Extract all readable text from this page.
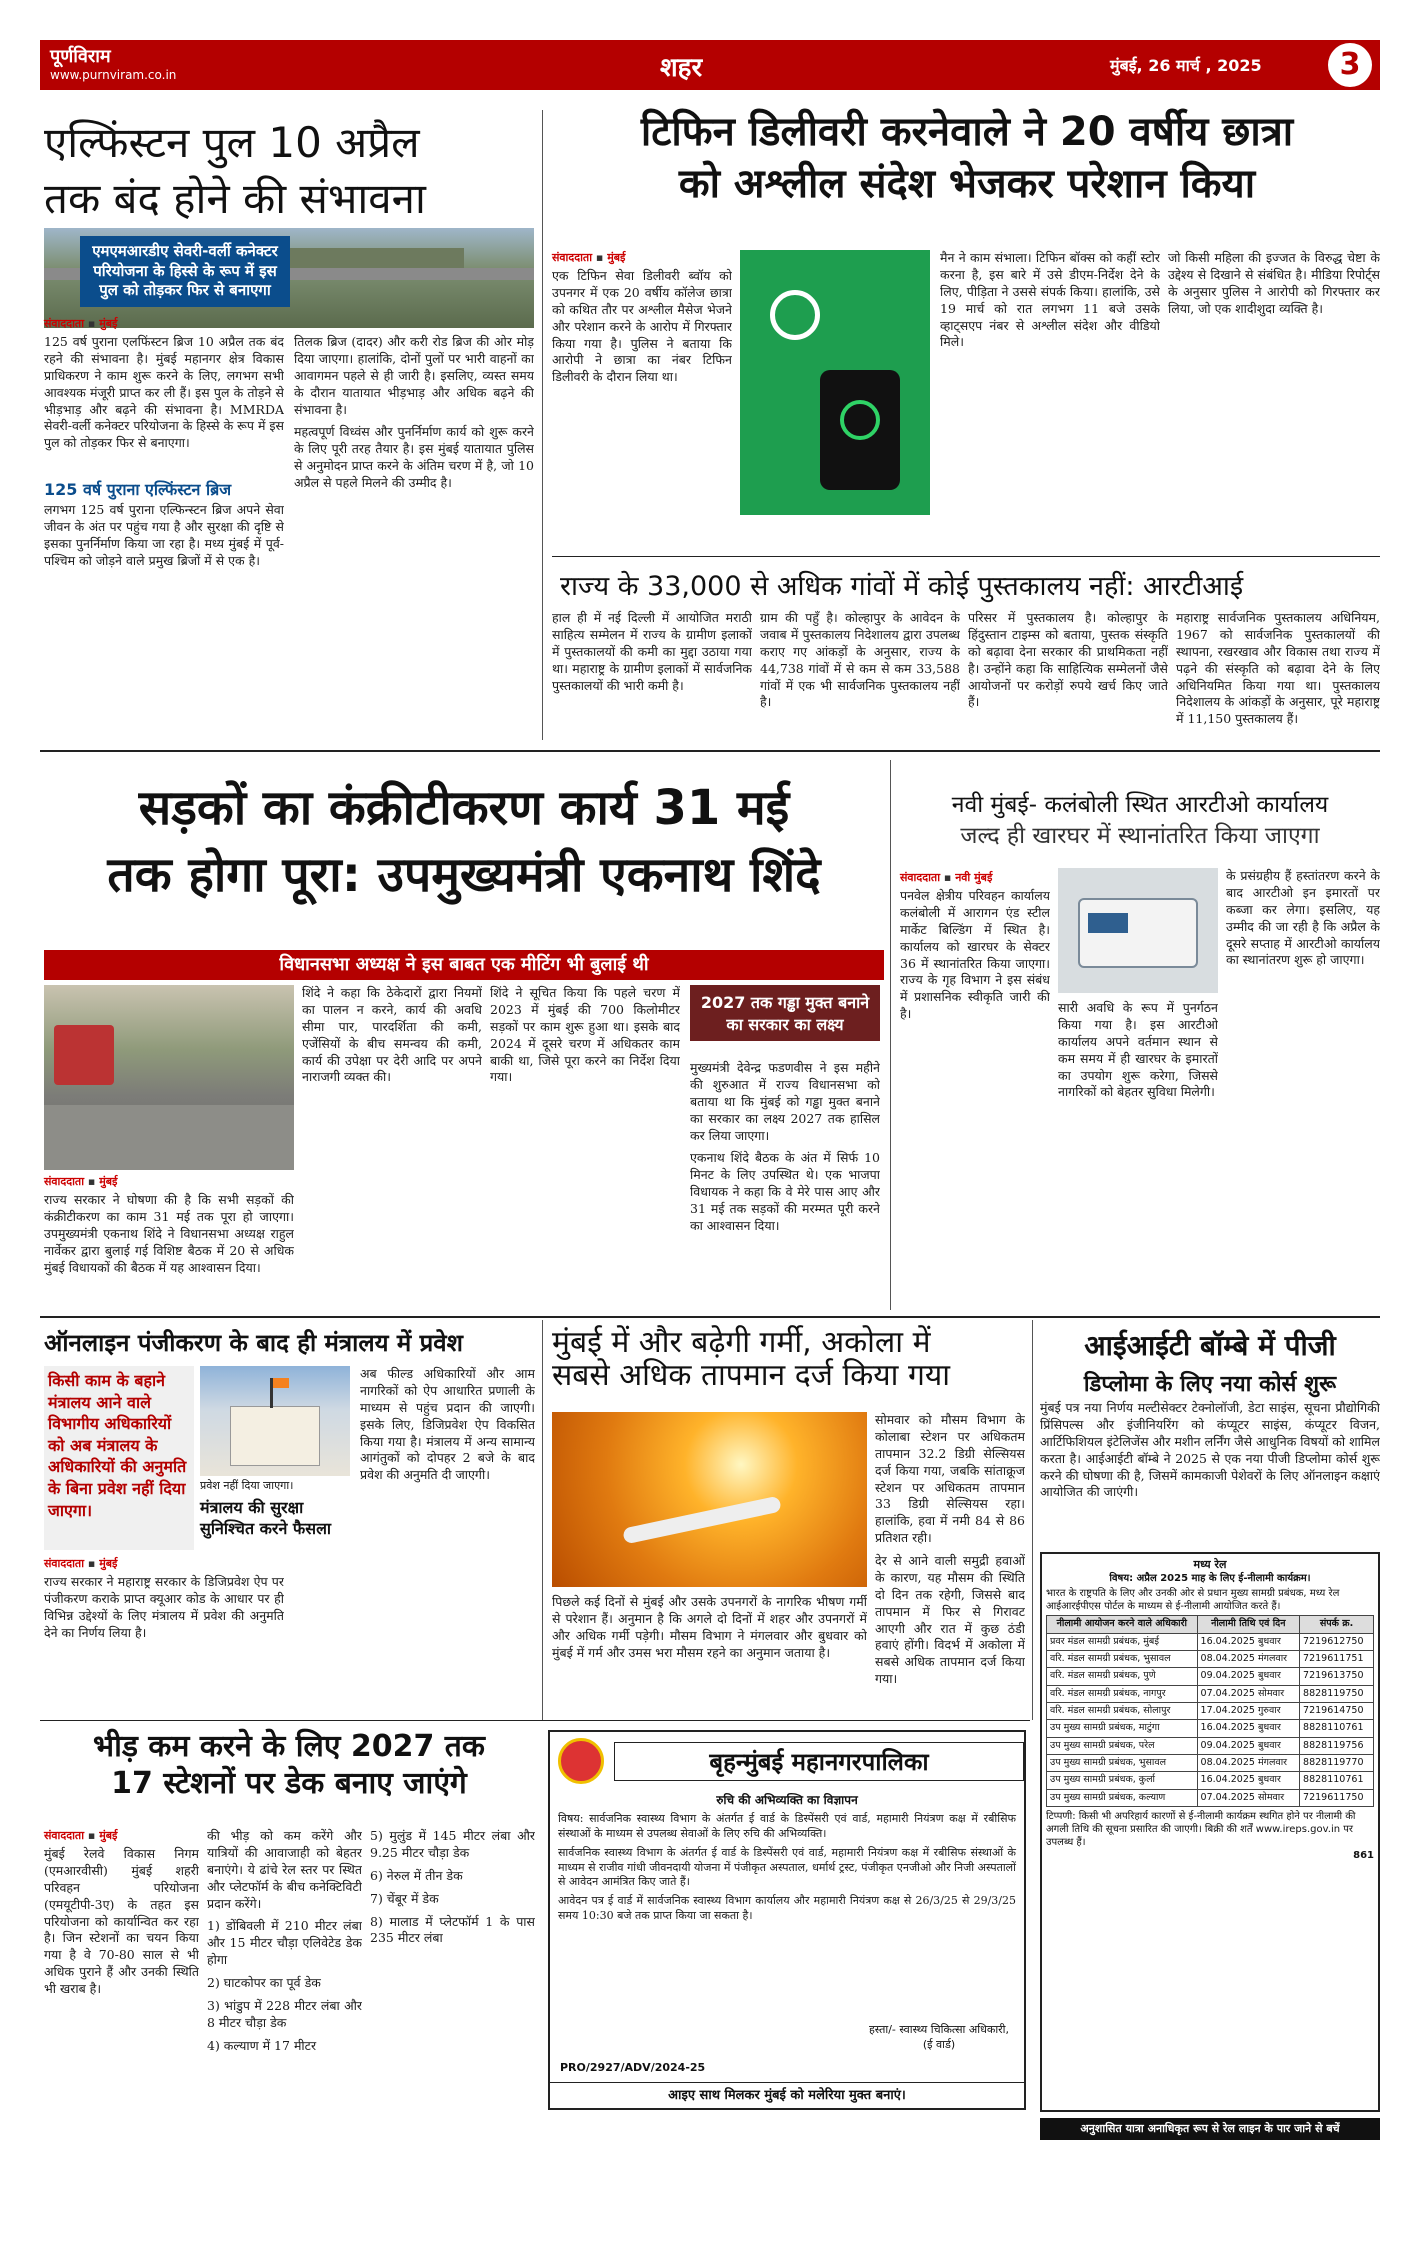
पूर्णविराम
www.purnviram.co.in	शहर	मुंबई, 26 मार्च , 2025	3
एल्फिंस्टन पुल 10 अप्रैल
तक बंद होने की संभावना
एमएमआरडीए सेवरी-वर्ली कनेक्टर परियोजना के हिस्से के रूप में इस पुल को तोड़कर फिर से बनाएगा
संवाददाता ▪ मुंबई

125 वर्ष पुराना एलफिंस्टन ब्रिज 10 अप्रैल तक बंद रहने की संभावना है। मुंबई महानगर क्षेत्र विकास प्राधिकरण ने काम शुरू करने के लिए, लगभग सभी आवश्यक मंजूरी प्राप्त कर ली हैं। इस पुल के तोड़ने से भीड़भाड़ और बढ़ने की संभावना है। MMRDA सेवरी-वर्ली कनेक्टर परियोजना के हिस्से के रूप में इस पुल को तोड़कर फिर से बनाएगा।

125 वर्ष पुराना एल्फिंस्टन ब्रिज

लगभग 125 वर्ष पुराना एल्फिन्स्टन ब्रिज अपने सेवा जीवन के अंत पर पहुंच गया है और सुरक्षा की दृष्टि से इसका पुनर्निर्माण किया जा रहा है। मध्य मुंबई में पूर्व-पश्चिम को जोड़ने वाले प्रमुख ब्रिजों में से एक है।

तिलक ब्रिज (दादर) और करी रोड ब्रिज की ओर मोड़ दिया जाएगा। हालांकि, दोनों पुलों पर भारी वाहनों का आवागमन पहले से ही जारी है। इसलिए, व्यस्त समय के दौरान यातायात भीड़भाड़ और अधिक बढ़ने की संभावना है।

महत्वपूर्ण विध्वंस और पुनर्निर्माण कार्य को शुरू करने के लिए पूरी तरह तैयार है। इस मुंबई यातायात पुलिस से अनुमोदन प्राप्त करने के अंतिम चरण में है, जो 10 अप्रैल से पहले मिलने की उम्मीद है।

टिफिन डिलीवरी करनेवाले ने 20 वर्षीय छात्रा
को अश्लील संदेश भेजकर परेशान किया
संवाददाता ▪ मुंबई

एक टिफिन सेवा डिलीवरी ब्वॉय को उपनगर में एक 20 वर्षीय कॉलेज छात्रा को कथित तौर पर अश्लील मैसेज भेजने और परेशान करने के आरोप में गिरफ्तार किया गया है। पुलिस ने बताया कि आरोपी ने छात्रा का नंबर टिफिन डिलीवरी के दौरान लिया था।

मैन ने काम संभाला। टिफिन बॉक्स को कहीं स्टोर करना है, इस बारे में उसे डीएम-निर्देश देने के लिए, पीड़िता ने उससे संपर्क किया। हालांकि, उसे 19 मार्च को रात लगभग 11 बजे उसके व्हाट्सएप नंबर से अश्लील संदेश और वीडियो मिले।

जो किसी महिला की इज्जत के विरुद्ध चेष्टा के उद्देश्य से दिखाने से संबंधित है। मीडिया रिपोर्ट्स के अनुसार पुलिस ने आरोपी को गिरफ्तार कर लिया, जो एक शादीशुदा व्यक्ति है।

राज्य के 33,000 से अधिक गांवों में कोई पुस्तकालय नहीं: आरटीआई

हाल ही में नई दिल्ली में आयोजित मराठी साहित्य सम्मेलन में राज्य के ग्रामीण इलाकों में पुस्तकालयों की कमी का मुद्दा उठाया गया था। महाराष्ट्र के ग्रामीण इलाकों में सार्वजनिक पुस्तकालयों की भारी कमी है।

ग्राम की पहुँ है। कोल्हापुर के आवेदन के जवाब में पुस्तकालय निदेशालय द्वारा उपलब्ध कराए गए आंकड़ों के अनुसार, राज्य के 44,738 गांवों में से कम से कम 33,588 गांवों में एक भी सार्वजनिक पुस्तकालय नहीं है।

परिसर में पुस्तकालय है। कोल्हापुर के हिंदुस्तान टाइम्स को बताया, पुस्तक संस्कृति को बढ़ावा देना सरकार की प्राथमिकता नहीं है। उन्होंने कहा कि साहित्यिक सम्मेलनों जैसे आयोजनों पर करोड़ों रुपये खर्च किए जाते हैं।

महाराष्ट्र सार्वजनिक पुस्तकालय अधिनियम, 1967 को सार्वजनिक पुस्तकालयों की स्थापना, रखरखाव और विकास तथा राज्य में पढ़ने की संस्कृति को बढ़ावा देने के लिए अधिनियमित किया गया था। पुस्तकालय निदेशालय के आंकड़ों के अनुसार, पूरे महाराष्ट्र में 11,150 पुस्तकालय हैं।

सड़कों का कंक्रीटीकरण कार्य 31 मई
तक होगा पूरा: उपमुख्यमंत्री एकनाथ शिंदे
विधानसभा अध्यक्ष ने इस बाबत एक मीटिंग भी बुलाई थी
संवाददाता ▪ मुंबई

राज्य सरकार ने घोषणा की है कि सभी सड़कों की कंक्रीटीकरण का काम 31 मई तक पूरा हो जाएगा। उपमुख्यमंत्री एकनाथ शिंदे ने विधानसभा अध्यक्ष राहुल नार्वेकर द्वारा बुलाई गई विशिष्ट बैठक में 20 से अधिक मुंबई विधायकों की बैठक में यह आश्वासन दिया।

शिंदे ने कहा कि ठेकेदारों द्वारा नियमों का पालन न करने, कार्य की अवधि सीमा पार, पारदर्शिता की कमी, एजेंसियों के बीच समन्वय की कमी, कार्य की उपेक्षा पर देरी आदि पर अपने नाराजगी व्यक्त की।

शिंदे ने सूचित किया कि पहले चरण में 2023 में मुंबई की 700 किलोमीटर सड़कों पर काम शुरू हुआ था। इसके बाद 2024 में दूसरे चरण में अधिकतर काम बाकी था, जिसे पूरा करने का निर्देश दिया गया।

2027 तक गड्ढा मुक्त बनाने का सरकार का लक्ष्य

मुख्यमंत्री देवेन्द्र फडणवीस ने इस महीने की शुरुआत में राज्य विधानसभा को बताया था कि मुंबई को गड्ढा मुक्त बनाने का सरकार का लक्ष्य 2027 तक हासिल कर लिया जाएगा।

एकनाथ शिंदे बैठक के अंत में सिर्फ 10 मिनट के लिए उपस्थित थे। एक भाजपा विधायक ने कहा कि वे मेरे पास आए और 31 मई तक सड़कों की मरम्मत पूरी करने का आश्वासन दिया।

नवी मुंबई- कलंबोली स्थित आरटीओ कार्यालय
जल्द ही खारघर में स्थानांतरित किया जाएगा
संवाददाता ▪ नवी मुंबई

पनवेल क्षेत्रीय परिवहन कार्यालय कलंबोली में आरागन एंड स्टील मार्केट बिल्डिंग में स्थित है। कार्यालय को खारघर के सेक्टर 36 में स्थानांतरित किया जाएगा। राज्य के गृह विभाग ने इस संबंध में प्रशासनिक स्वीकृति जारी की है।	सारी अवधि के रूप में पुनर्गठन किया गया है। इस आरटीओ कार्यालय अपने वर्तमान स्थान से कम समय में ही खारघर के इमारतों का उपयोग शुरू करेगा, जिससे नागरिकों को बेहतर सुविधा मिलेगी।

के प्रसंग्रहीय हैं हस्तांतरण करने के बाद आरटीओ इन इमारतों पर कब्जा कर लेगा। इसलिए, यह उम्मीद की जा रही है कि अप्रैल के दूसरे सप्ताह में आरटीओ कार्यालय का स्थानांतरण शुरू हो जाएगा।

ऑनलाइन पंजीकरण के बाद ही मंत्रालय में प्रवेश
किसी काम के बहाने मंत्रालय आने वाले विभागीय अधिकारियों को अब मंत्रालय के अधिकारियों की अनुमति के बिना प्रवेश नहीं दिया जाएगा।
प्रवेश नहीं दिया जाएगा।
मंत्रालय की सुरक्षा सुनिश्चित करने फैसला
संवाददाता ▪ मुंबई

राज्य सरकार ने महाराष्ट्र सरकार के डिजिप्रवेश ऐप पर पंजीकरण कराके प्राप्त क्यूआर कोड के आधार पर ही विभिन्न उद्देश्यों के लिए मंत्रालय में प्रवेश की अनुमति देने का निर्णय लिया है।

अब फील्ड अधिकारियों और आम नागरिकों को ऐप आधारित प्रणाली के माध्यम से पहुंच प्रदान की जाएगी। इसके लिए, डिजिप्रवेश ऐप विकसित किया गया है। मंत्रालय में अन्य सामान्य आगंतुकों को दोपहर 2 बजे के बाद प्रवेश की अनुमति दी जाएगी।

मुंबई में और बढ़ेगी गर्मी, अकोला में
सबसे अधिक तापमान दर्ज किया गया

पिछले कई दिनों से मुंबई और उसके उपनगरों के नागरिक भीषण गर्मी से परेशान हैं। अनुमान है कि अगले दो दिनों में शहर और उपनगरों में और अधिक गर्मी पड़ेगी। मौसम विभाग ने मंगलवार और बुधवार को मुंबई में गर्म और उमस भरा मौसम रहने का अनुमान जताया है।

सोमवार को मौसम विभाग के कोलाबा स्टेशन पर अधिकतम तापमान 32.2 डिग्री सेल्सियस दर्ज किया गया, जबकि सांताक्रूज स्टेशन पर अधिकतम तापमान 33 डिग्री सेल्सियस रहा। हालांकि, हवा में नमी 84 से 86 प्रतिशत रही।

देर से आने वाली समुद्री हवाओं के कारण, यह मौसम की स्थिति दो दिन तक रहेगी, जिससे बाद तापमान में फिर से गिरावट आएगी और रात में कुछ ठंडी हवाएं होंगी। विदर्भ में अकोला में सबसे अधिक तापमान दर्ज किया गया।

आईआईटी बॉम्बे में पीजी
डिप्लोमा के लिए नया कोर्स शुरू

मुंबई पत्र नया निर्णय मल्टीसेक्टर टेक्नोलॉजी, डेटा साइंस, सूचना प्रौद्योगिकी प्रिंसिपल्स और इंजीनियरिंग को कंप्यूटर साइंस, कंप्यूटर विजन, आर्टिफिशियल इंटेलिजेंस और मशीन लर्निंग जैसे आधुनिक विषयों को शामिल करता है। आईआईटी बॉम्बे ने 2025 से एक नया पीजी डिप्लोमा कोर्स शुरू करने की घोषणा की है, जिसमें कामकाजी पेशेवरों के लिए ऑनलाइन कक्षाएं आयोजित की जाएंगी।

मध्य रेल
विषय: अप्रैल 2025 माह के लिए ई-नीलामी कार्यक्रम।
भारत के राष्ट्रपति के लिए और उनकी ओर से प्रधान मुख्य सामग्री प्रबंधक, मध्य रेल आईआरईपीएस पोर्टल के माध्यम से ई-नीलामी आयोजित करते हैं।
नीलामी आयोजन करने वाले अधिकारी	नीलामी तिथि एवं दिन	संपर्क क्र.
प्रवर मंडल सामग्री प्रबंधक, मुंबई	16.04.2025 बुधवार	7219612750
वरि. मंडल सामग्री प्रबंधक, भुसावल	08.04.2025 मंगलवार	7219611751
वरि. मंडल सामग्री प्रबंधक, पुणे	09.04.2025 बुधवार	7219613750
वरि. मंडल सामग्री प्रबंधक, नागपुर	07.04.2025 सोमवार	8828119750
वरि. मंडल सामग्री प्रबंधक, सोलापुर	17.04.2025 गुरुवार	7219614750
उप मुख्य सामग्री प्रबंधक, माटुंगा	16.04.2025 बुधवार	8828110761
उप मुख्य सामग्री प्रबंधक, परेल	09.04.2025 बुधवार	8828119756
उप मुख्य सामग्री प्रबंधक, भुसावल	08.04.2025 मंगलवार	8828119770
उप मुख्य सामग्री प्रबंधक, कुर्ला	16.04.2025 बुधवार	8828110761
उप मुख्य सामग्री प्रबंधक, कल्याण	07.04.2025 सोमवार	7219611750
टिप्पणी: किसी भी अपरिहार्य कारणों से ई-नीलामी कार्यक्रम स्थगित होने पर नीलामी की अगली तिथि की सूचना प्रसारित की जाएगी। बिक्री की शर्तें www.ireps.gov.in पर उपलब्ध हैं।
861
अनुशासित यात्रा अनाधिकृत रूप से रेल लाइन के पार जाने से बचें
भीड़ कम करने के लिए 2027 तक
17 स्टेशनों पर डेक बनाए जाएंगे
संवाददाता ▪ मुंबई

मुंबई रेलवे विकास निगम (एमआरवीसी) मुंबई शहरी परिवहन परियोजना (एमयूटीपी-3ए) के तहत इस परियोजना को कार्यान्वित कर रहा है। जिन स्टेशनों का चयन किया गया है वे 70-80 साल से भी अधिक पुराने हैं और उनकी स्थिति भी खराब है।

की भीड़ को कम करेंगे और यात्रियों की आवाजाही को बेहतर बनाएंगे। ये ढांचे रेल स्तर पर स्थित और प्लेटफॉर्म के बीच कनेक्टिविटी प्रदान करेंगे।

1) डोंबिवली में 210 मीटर लंबा और 15 मीटर चौड़ा एलिवेटेड डेक होगा

2) घाटकोपर का पूर्व डेक

3) भांडुप में 228 मीटर लंबा और 8 मीटर चौड़ा डेक

4) कल्याण में 17 मीटर

5) मुलुंड में 145 मीटर लंबा और 9.25 मीटर चौड़ा डेक

6) नेरुल में तीन डेक

7) चेंबूर में डेक

8) मालाड में प्लेटफॉर्म 1 के पास 235 मीटर लंबा

बृहन्मुंबई महानगरपालिका
रुचि की अभिव्यक्ति का विज्ञापन

विषय: सार्वजनिक स्वास्थ्य विभाग के अंतर्गत ई वार्ड के डिस्पेंसरी एवं वार्ड, महामारी नियंत्रण कक्ष में रबीसिफ संस्थाओं के माध्यम से उपलब्ध सेवाओं के लिए रुचि की अभिव्यक्ति।

सार्वजनिक स्वास्थ्य विभाग के अंतर्गत ई वार्ड के डिस्पेंसरी एवं वार्ड, महामारी नियंत्रण कक्ष में रबीसिफ संस्थाओं के माध्यम से राजीव गांधी जीवनदायी योजना में पंजीकृत अस्पताल, धर्मार्थ ट्रस्ट, पंजीकृत एनजीओ और निजी अस्पतालों से आवेदन आमंत्रित किए जाते हैं।

आवेदन पत्र ई वार्ड में सार्वजनिक स्वास्थ्य विभाग कार्यालय और महामारी नियंत्रण कक्ष से 26/3/25 से 29/3/25 समय 10:30 बजे तक प्राप्त किया जा सकता है।

हस्ता/- स्वास्थ्य चिकित्सा अधिकारी, (ई वार्ड)
PRO/2927/ADV/2024-25
आइए साथ मिलकर मुंबई को मलेरिया मुक्त बनाएं।
